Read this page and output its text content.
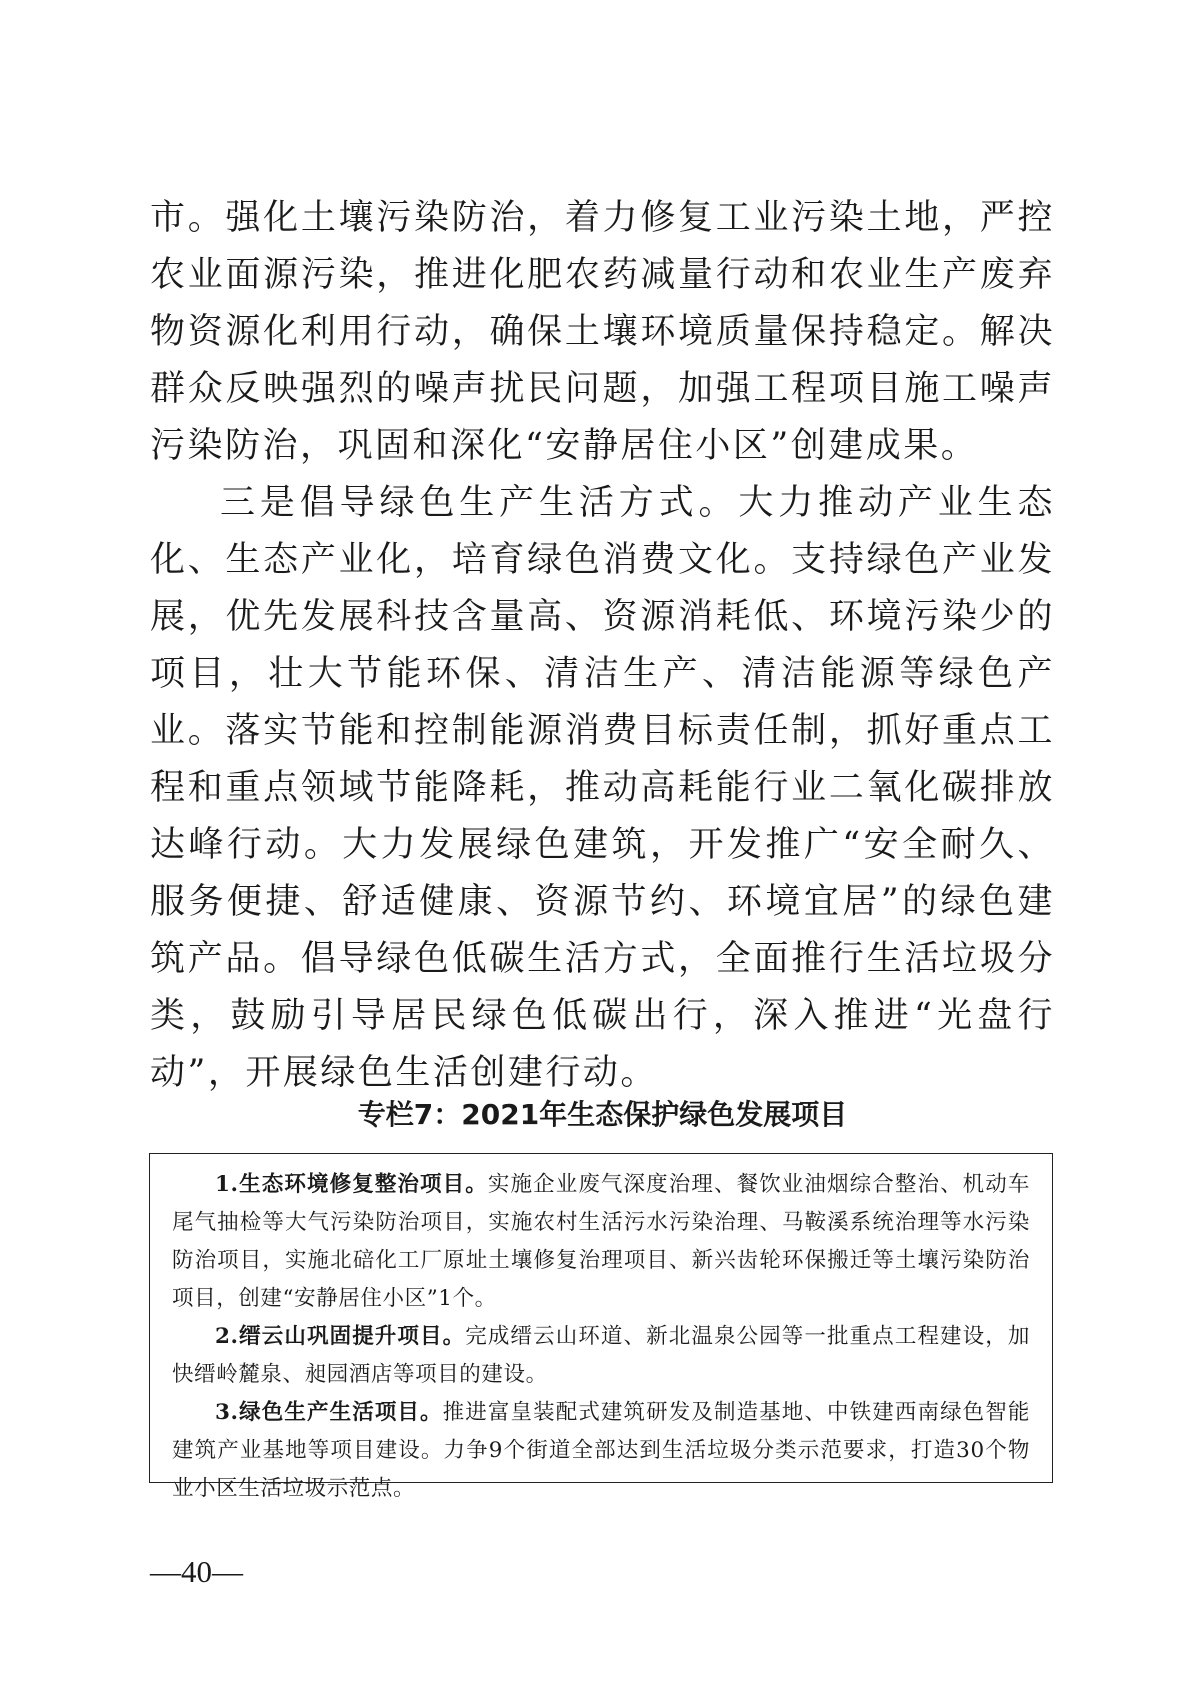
市。强化土壤污染防治，着力修复工业污染土地，严控农业面源污染，推进化肥农药减量行动和农业生产废弃物资源化利用行动，确保土壤环境质量保持稳定。解决群众反映强烈的噪声扰民问题，加强工程项目施工噪声污染防治，巩固和深化“安静居住小区”创建成果。

三是倡导绿色生产生活方式。大力推动产业生态化、生态产业化，培育绿色消费文化。支持绿色产业发展，优先发展科技含量高、资源消耗低、环境污染少的项目，壮大节能环保、清洁生产、清洁能源等绿色产业。落实节能和控制能源消费目标责任制，抓好重点工程和重点领域节能降耗，推动高耗能行业二氧化碳排放达峰行动。大力发展绿色建筑，开发推广“安全耐久、服务便捷、舒适健康、资源节约、环境宜居”的绿色建筑产品。倡导绿色低碳生活方式，全面推行生活垃圾分类，鼓励引导居民绿色低碳出行，深入推进“光盘行动”，开展绿色生活创建行动。

专栏7：2021年生态保护绿色发展项目

1.生态环境修复整治项目。实施企业废气深度治理、餐饮业油烟综合整治、机动车尾气抽检等大气污染防治项目，实施农村生活污水污染治理、马鞍溪系统治理等水污染防治项目，实施北碚化工厂原址土壤修复治理项目、新兴齿轮环保搬迁等土壤污染防治项目，创建“安静居住小区”1个。

2.缙云山巩固提升项目。完成缙云山环道、新北温泉公园等一批重点工程建设，加快缙岭麓泉、昶园酒店等项目的建设。

3.绿色生产生活项目。推进富皇装配式建筑研发及制造基地、中铁建西南绿色智能建筑产业基地等项目建设。力争9个街道全部达到生活垃圾分类示范要求，打造30个物业小区生活垃圾示范点。

—40—
